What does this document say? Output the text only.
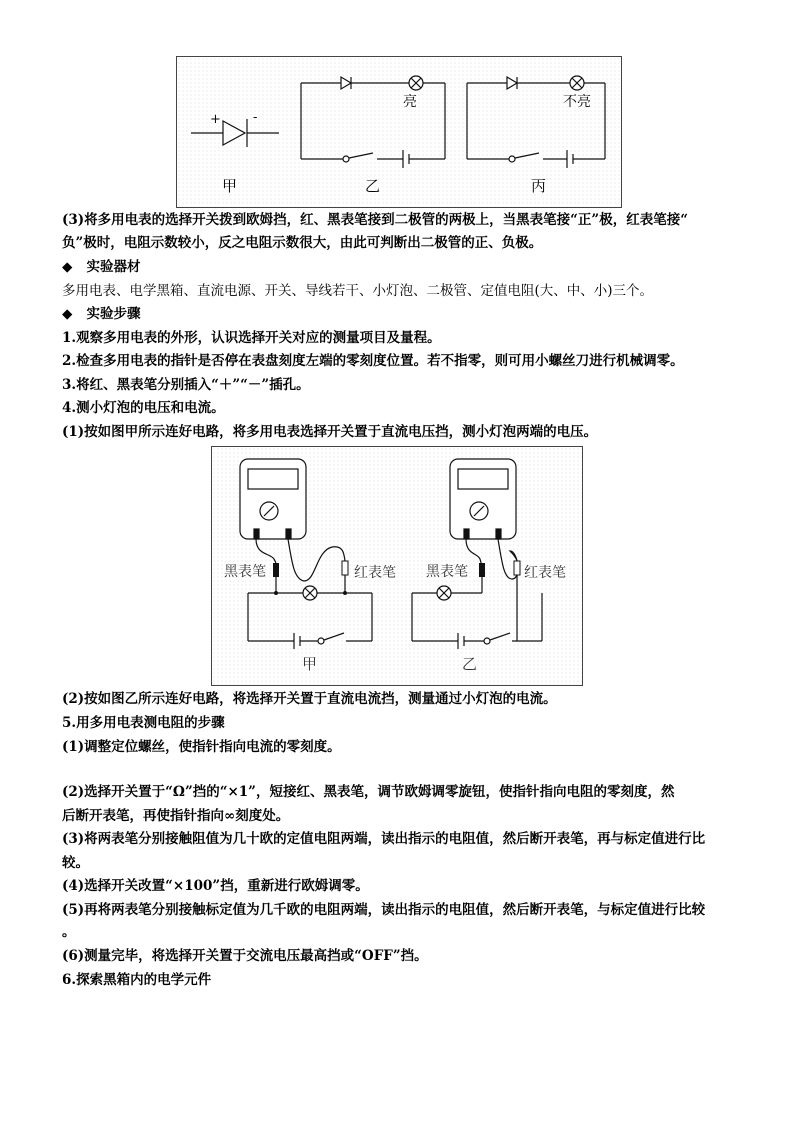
+ -
甲
亮
乙
不亮
丙
(3)将多用电表的选择开关拨到欧姆挡，红、黑表笔接到二极管的两极上，当黑表笔接“正”极，红表笔接“
负”极时，电阻示数较小，反之电阻示数很大，由此可判断出二极管的正、负极。
◆ 实验器材
多用电表、电学黑箱、直流电源、开关、导线若干、小灯泡、二极管、定值电阻(大、中、小)三个。
◆ 实验步骤
1.观察多用电表的外形，认识选择开关对应的测量项目及量程。
2.检查多用电表的指针是否停在表盘刻度左端的零刻度位置。若不指零，则可用小螺丝刀进行机械调零。
3.将红、黑表笔分别插入“＋”“－”插孔。
4.测小灯泡的电压和电流。
(1)按如图甲所示连好电路，将多用电表选择开关置于直流电压挡，测小灯泡两端的电压。
黑表笔	红表笔
甲
黑表笔	红表笔
乙
(2)按如图乙所示连好电路，将选择开关置于直流电流挡，测量通过小灯泡的电流。
5.用多用电表测电阻的步骤
(1)调整定位螺丝，使指针指向电流的零刻度。
(2)选择开关置于“Ω”挡的“×1”，短接红、黑表笔，调节欧姆调零旋钮，使指针指向电阻的零刻度，然
后断开表笔，再使指针指向∞刻度处。
(3)将两表笔分别接触阻值为几十欧的定值电阻两端，读出指示的电阻值，然后断开表笔，再与标定值进行比
较。
(4)选择开关改置“×100”挡，重新进行欧姆调零。
(5)再将两表笔分别接触标定值为几千欧的电阻两端，读出指示的电阻值，然后断开表笔，与标定值进行比较
。
(6)测量完毕，将选择开关置于交流电压最高挡或“OFF”挡。
6.探索黑箱内的电学元件
